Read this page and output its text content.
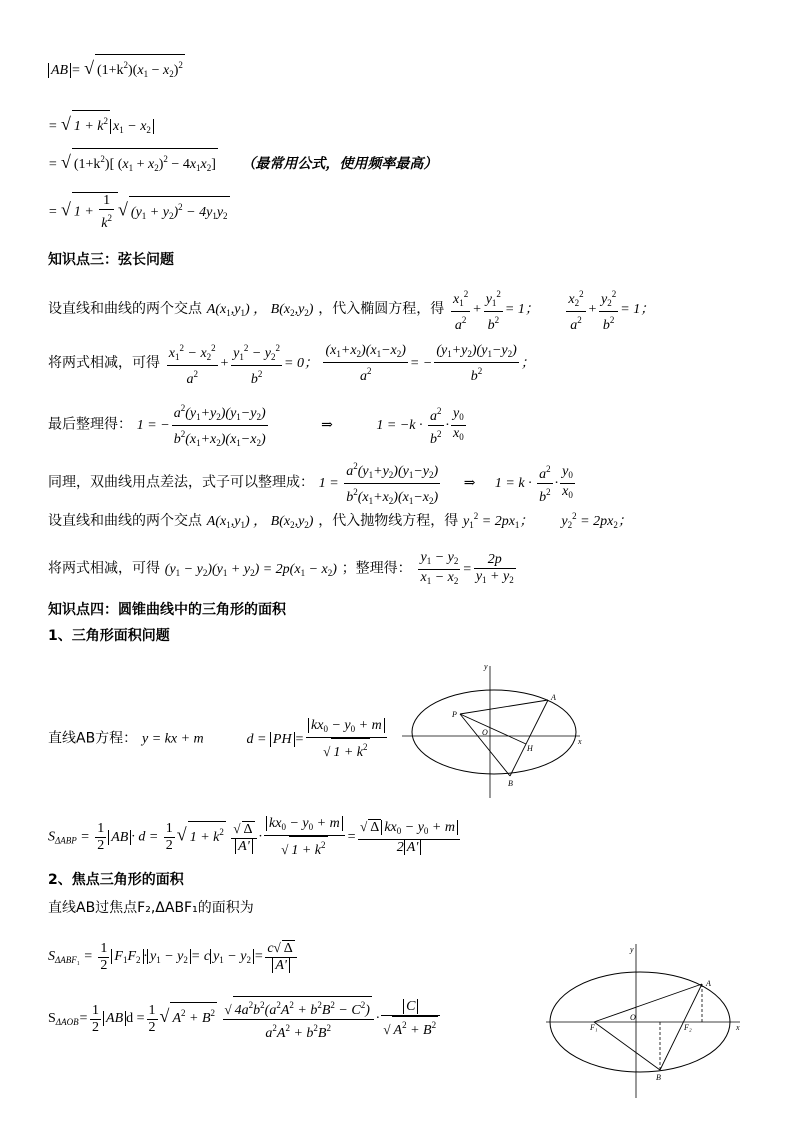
AB = √ $(1+k^2)(x_1 - x_2)^2$
= √ $1 + k^2$ $x_1 - x_2$
= √ $(1+k^2)$[ $(x_1 + x_2)^2 - 4x_1x_2$] （最常用公式，使用频率最高）
= √ $1 + \frac{1}{k^2}$ √ $(y_1 + y_2)^2 - 4y_1y_2$
知识点三：弦长问题
设直线和曲线的两个交点 $A(x_1,y_1)$ ， $B(x_2,y_2)$ ，代入椭圆方程，得 $\frac{x_1^2}{a^2} + \frac{y_1^2}{b^2} = 1$； $\frac{x_2^2}{a^2} + \frac{y_2^2}{b^2} = 1$；
将两式相减，可得 $\frac{x_1^2 - x_2^2}{a^2} + \frac{y_1^2 - y_2^2}{b^2} = 0$； $\frac{(x_1+x_2)(x_1-x_2)}{a^2}$ = − $\frac{(y_1+y_2)(y_1-y_2)}{b^2}$ ；
最后整理得： 1 = − $\frac{a^2(y_1+y_2)(y_1-y_2)}{b^2(x_1+x_2)(x_1-x_2)}$	⇒	$1 = -k \cdot \frac{a^2}{b^2} \cdot \frac{y_0}{x_0}$
同理，双曲线用点差法，式子可以整理成： $1 = \frac{a^2(y_1+y_2)(y_1-y_2)}{b^2(x_1+x_2)(x_1-x_2)}$ ⇒ $1 = k \cdot \frac{a^2}{b^2} \cdot \frac{y_0}{x_0}$
设直线和曲线的两个交点 $A(x_1,y_1)$ ， $B(x_2,y_2)$ ，代入抛物线方程，得 $y_1^2 = 2px_1$； $y_2^2 = 2px_2$；
将两式相减，可得 $(y_1 - y_2)(y_1 + y_2) = 2p(x_1 - x_2)$ ；整理得： $\frac{y_1 - y_2}{x_1 - x_2} = \frac{2p}{y_1 + y_2}$
知识点四：圆锥曲线中的三角形的面积
1、三角形面积问题
直线AB方程： y = kx + m	d = PH = $\frac{kx_0 - y_0 + m}{√ 1 + k^2}$
y
x
A
P
O
H
B
$S_{\Delta ABP} = \frac{1}{2}$ AB · $d = \frac{1}{2}$ √ $1 + k^2 \frac{√ \Delta}{A'} \cdot \frac{kx_0 - y_0 + m}{√ 1 + k^2} = \frac{√ \Delta kx_0 - y_0 + m}{2 A'}$
2、焦点三角形的面积
直线AB过焦点F₂,ΔABF₁的面积为
$S_{\Delta ABF_1} = \frac{1}{2} F_1F_2 \cdot y_1 - y_2 = c$ $y_1 - y_2 = \frac{c√ \Delta}{A'}$
$S_{\Delta AOB}= \frac{1}{2}$ AB $d = \frac{1}{2}$ √ $A^2 + B^2 \frac{√ 4a^2b^2(a^2A^2 + b^2B^2 - C^2)}{a^2A^2 + b^2B^2} \cdot \frac{C}{√ A^2 + B^2}$
y
x
A
F₁
O
F₂
B
